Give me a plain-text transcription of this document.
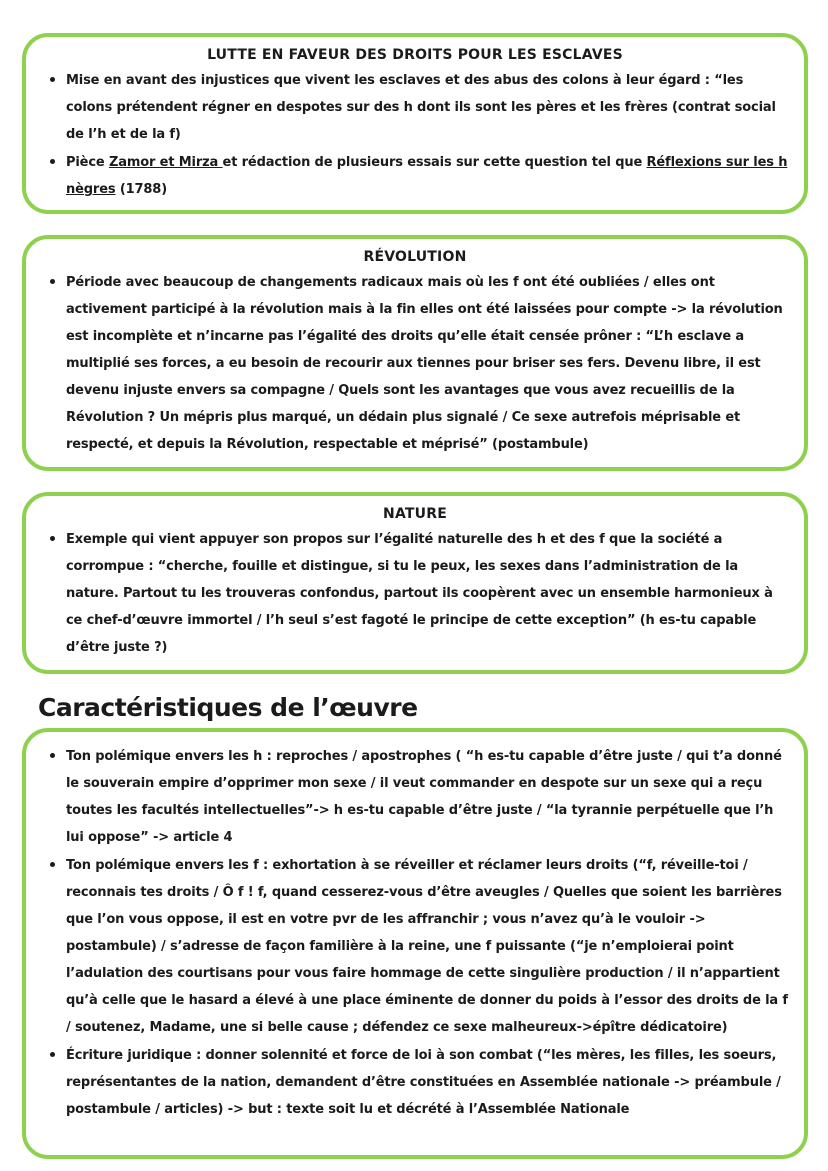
LUTTE EN FAVEUR DES DROITS POUR LES ESCLAVES
• Mise en avant des injustices que vivent les esclaves et des abus des colons à leur égard : “les colons prétendent régner en despotes sur des h dont ils sont les pères et les frères (contrat social de l’h et de la f)
• Pièce Zamor et Mirza et rédaction de plusieurs essais sur cette question tel que Réflexions sur les h nègres (1788)
RÉVOLUTION
• Période avec beaucoup de changements radicaux mais où les f ont été oubliées / elles ont activement participé à la révolution mais à la fin elles ont été laissées pour compte -> la révolution est incomplète et n’incarne pas l’égalité des droits qu’elle était censée prôner : “L’h esclave a multiplié ses forces, a eu besoin de recourir aux tiennes pour briser ses fers. Devenu libre, il est devenu injuste envers sa compagne / Quels sont les avantages que vous avez recueillis de la Révolution ? Un mépris plus marqué, un dédain plus signalé / Ce sexe autrefois méprisable et respecté, et depuis la Révolution, respectable et méprisé” (postambule)
NATURE
• Exemple qui vient appuyer son propos sur l’égalité naturelle des h et des f que la société a corrompue : “cherche, fouille et distingue, si tu le peux, les sexes dans l’administration de la nature. Partout tu les trouveras confondus, partout ils coopèrent avec un ensemble harmonieux à ce chef-d’œuvre immortel / l’h seul s’est fagoté le principe de cette exception” (h es-tu capable d’être juste ?)
Caractéristiques de l’œuvre
• Ton polémique envers les h : reproches / apostrophes ( “h es-tu capable d’être juste / qui t’a donné le souverain empire d’opprimer mon sexe / il veut commander en despote sur un sexe qui a reçu toutes les facultés intellectuelles”-> h es-tu capable d’être juste / “la tyrannie perpétuelle que l’h lui oppose” -> article 4
• Ton polémique envers les f : exhortation à se réveiller et réclamer leurs droits (“f, réveille-toi / reconnais tes droits / Ô f ! f, quand cesserez-vous d’être aveugles / Quelles que soient les barrières que l’on vous oppose, il est en votre pvr de les affranchir ; vous n’avez qu’à le vouloir -> postambule) / s’adresse de façon familière à la reine, une f puissante (“je n’emploierai point l’adulation des courtisans pour vous faire hommage de cette singulière production / il n’appartient qu’à celle que le hasard a élevé à une place éminente de donner du poids à l’essor des droits de la f / soutenez, Madame, une si belle cause ; défendez ce sexe malheureux->épître dédicatoire)
• Écriture juridique : donner solennité et force de loi à son combat (“les mères, les filles, les soeurs, représentantes de la nation, demandent d’être constituées en Assemblée nationale -> préambule / postambule / articles) -> but : texte soit lu et décrété à l’Assemblée Nationale
